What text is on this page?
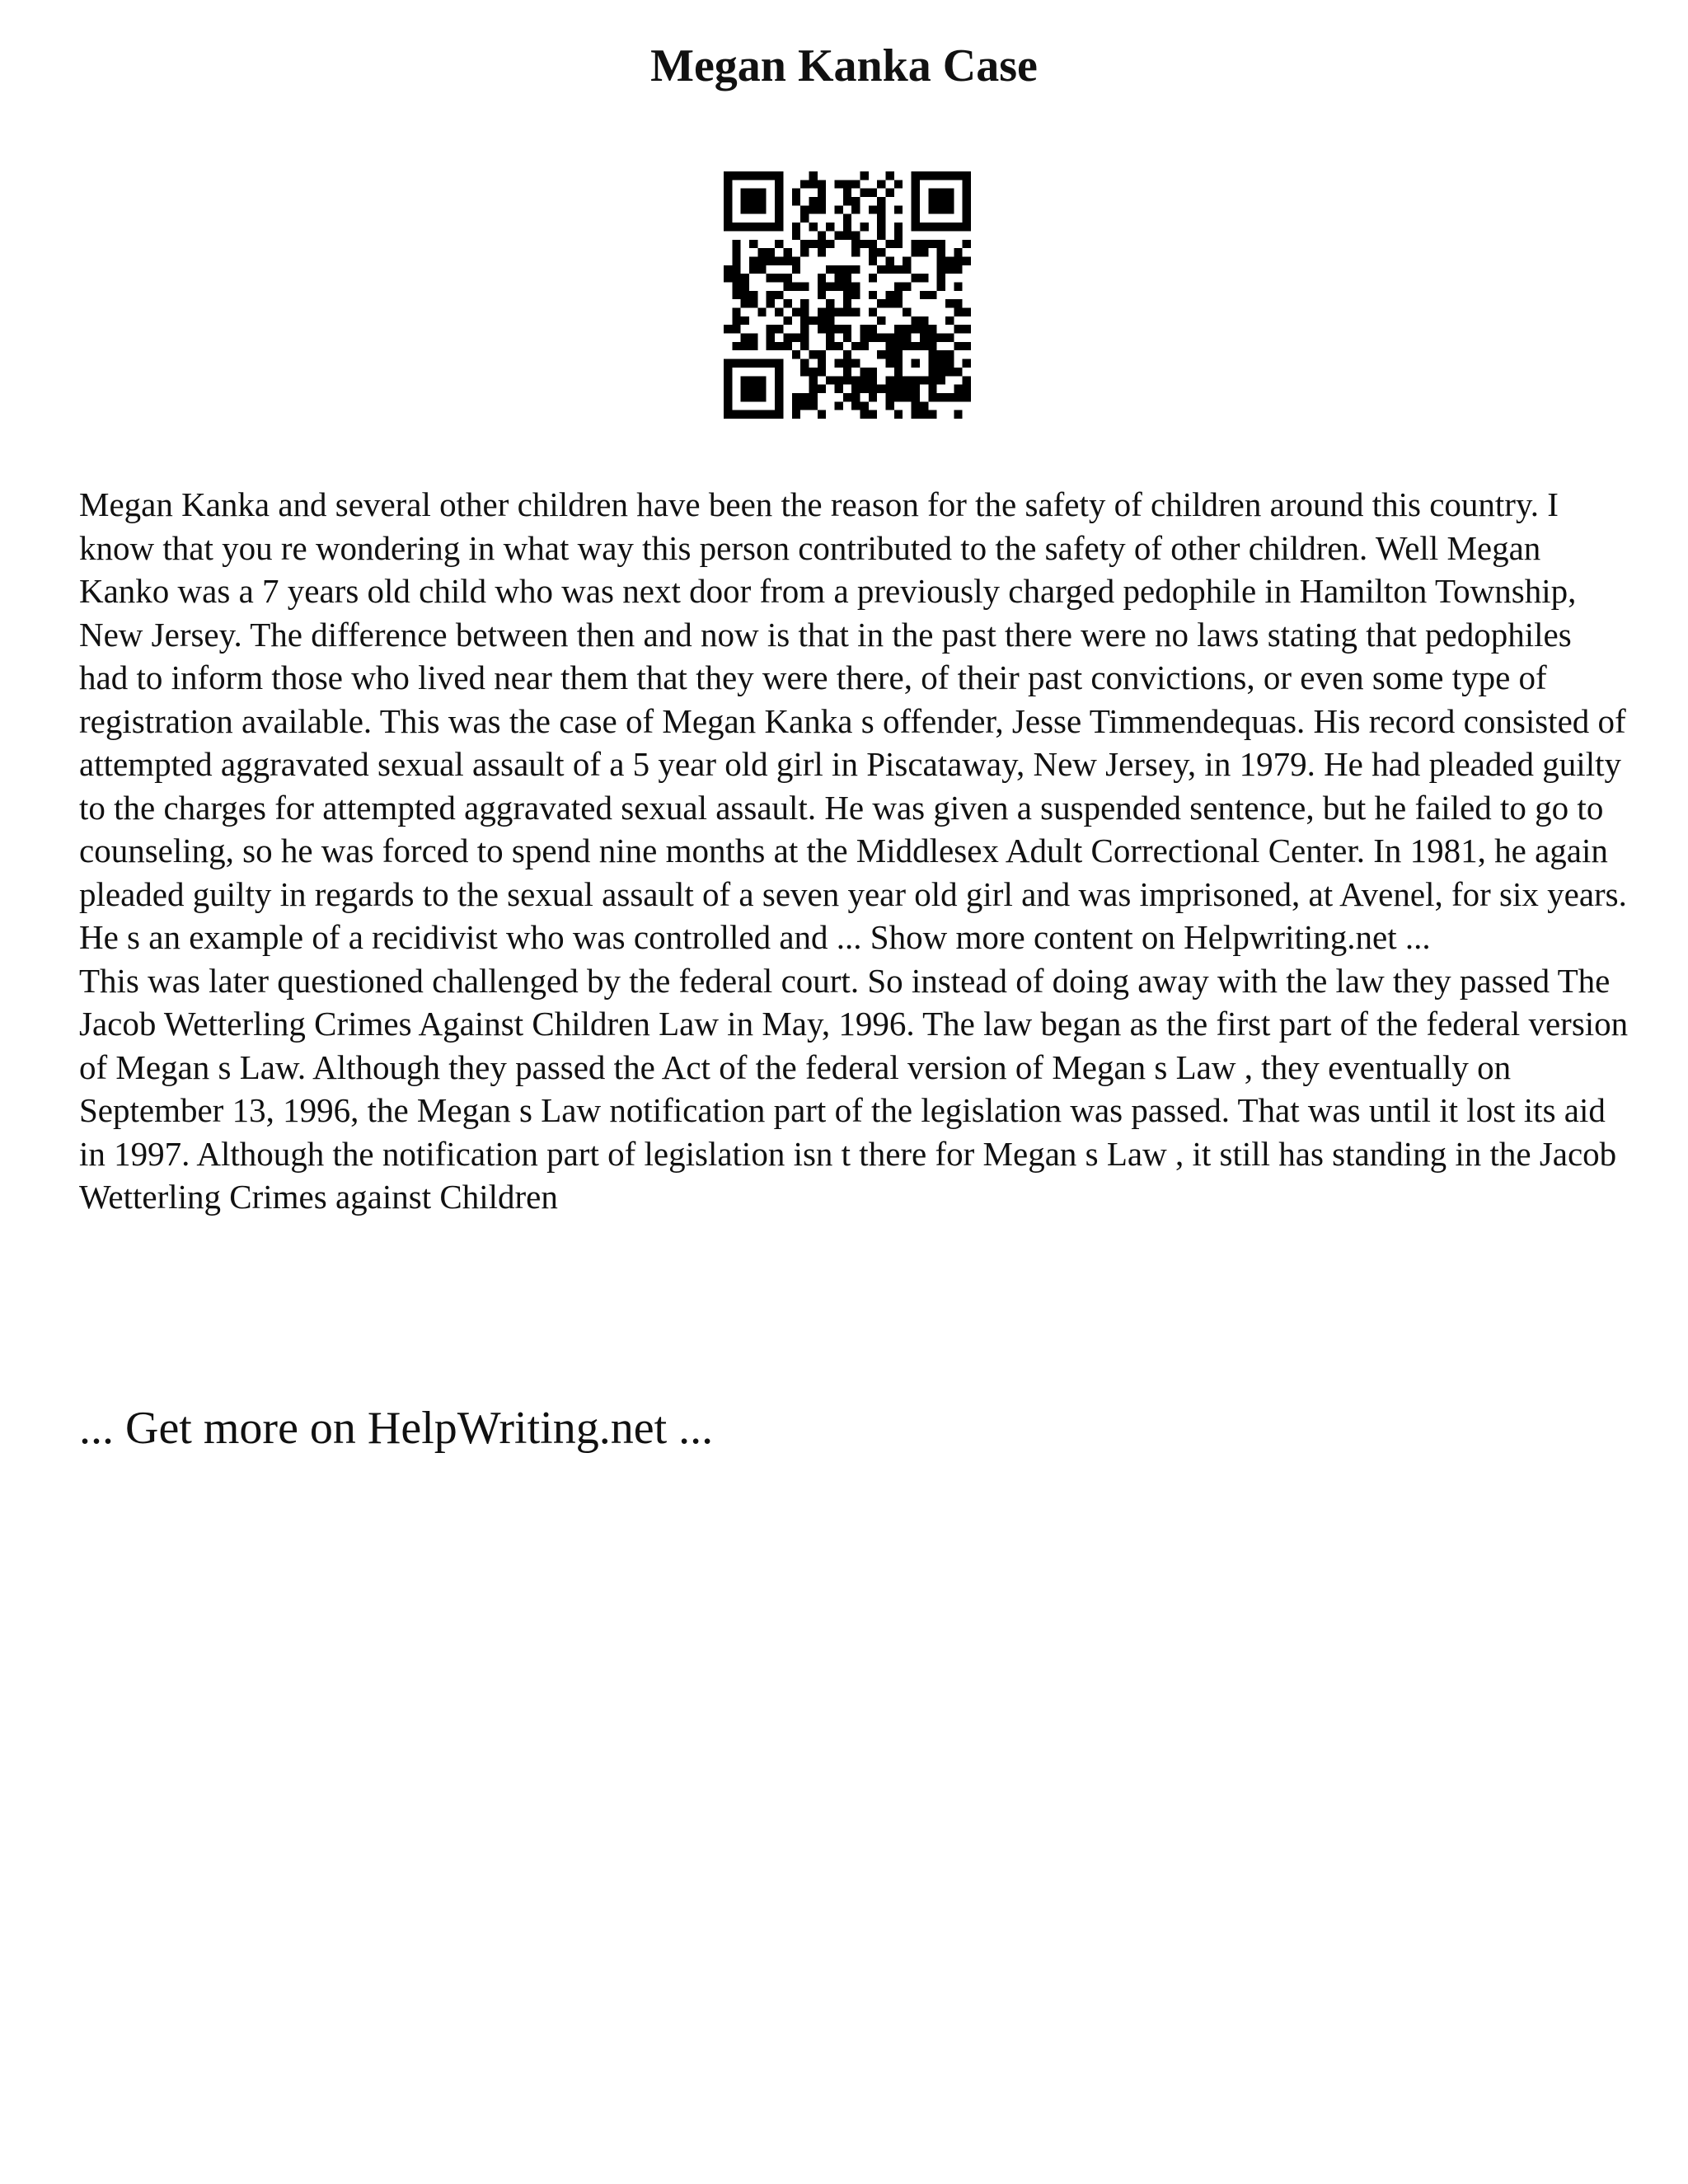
Megan Kanka Case

Megan Kanka and several other children have been the reason for the safety of children around this country. I know that you re wondering in what way this person contributed to the safety of other children. Well Megan Kanko was a 7 years old child who was next door from a previously charged pedophile in Hamilton Township, New Jersey. The difference between then and now is that in the past there were no laws stating that pedophiles had to inform those who lived near them that they were there, of their past convictions, or even some type of registration available. This was the case of Megan Kanka s offender, Jesse Timmendequas. His record consisted of attempted aggravated sexual assault of a 5 year old girl in Piscataway, New Jersey, in 1979. He had pleaded guilty to the charges for attempted aggravated sexual assault. He was given a suspended sentence, but he failed to go to counseling, so he was forced to spend nine months at the Middlesex Adult Correctional Center. In 1981, he again pleaded guilty in regards to the sexual assault of a seven year old girl and was imprisoned, at Avenel, for six years. He s an example of a recidivist who was controlled and ... Show more content on Helpwriting.net ...

This was later questioned challenged by the federal court. So instead of doing away with the law they passed The Jacob Wetterling Crimes Against Children Law in May, 1996. The law began as the first part of the federal version of Megan s Law. Although they passed the Act of the federal version of Megan s Law , they eventually on September 13, 1996, the Megan s Law notification part of the legislation was passed. That was until it lost its aid in 1997. Although the notification part of legislation isn t there for Megan s Law , it still has standing in the Jacob Wetterling Crimes against Children

... Get more on HelpWriting.net ...
